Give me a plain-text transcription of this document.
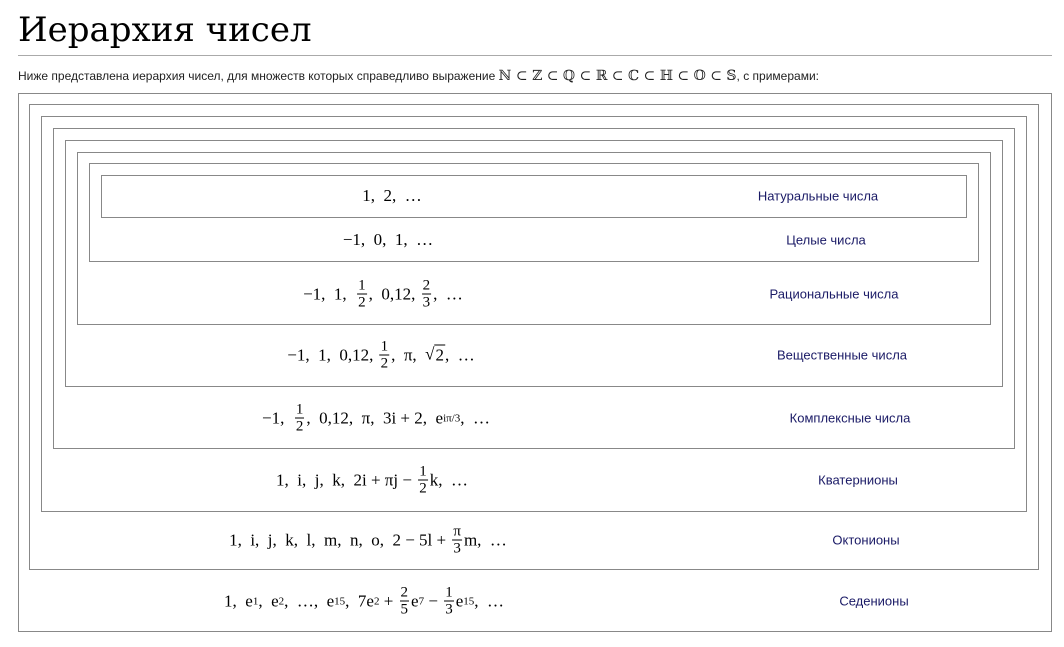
Иерархия чисел
Ниже представлена иерархия чисел, для множеств которых справедливо выражение ℕ ⊂ ℤ ⊂ ℚ ⊂ ℝ ⊂ ℂ ⊂ ℍ ⊂ 𝕆 ⊂ 𝕊, с примерами:
1,  2,  …	Натуральные числа
−1,  0,  1,  …	Целые числа
−1,  1, $\frac{1}{2}$ ,  0,12, $\frac{2}{3}$ ,  …	Рациональные числа
−1,  1,  0,12, $\frac{1}{2}$ ,  π, √ 2 ,  …	Вещественные числа
−1, $\frac{1}{2}$ ,  0,12,  π,  3i + 2,  e iπ/3 ,  …	Комплексные числа
1,  i,  j,  k,  $2i + \pi j - \frac{1}{2} k$,  …	Кватернионы
1,  i,  j,  k,  l,  m,  n,  o,  $2 - 5l + \frac{\pi}{3} m$,  …	Октонионы
1,  e 1 ,  e 2 ,  …,  e 15 ,  7e $2 + \frac{2}{5}$ e $7 - \frac{1}{3}$ e 15 ,  …	Седенионы
